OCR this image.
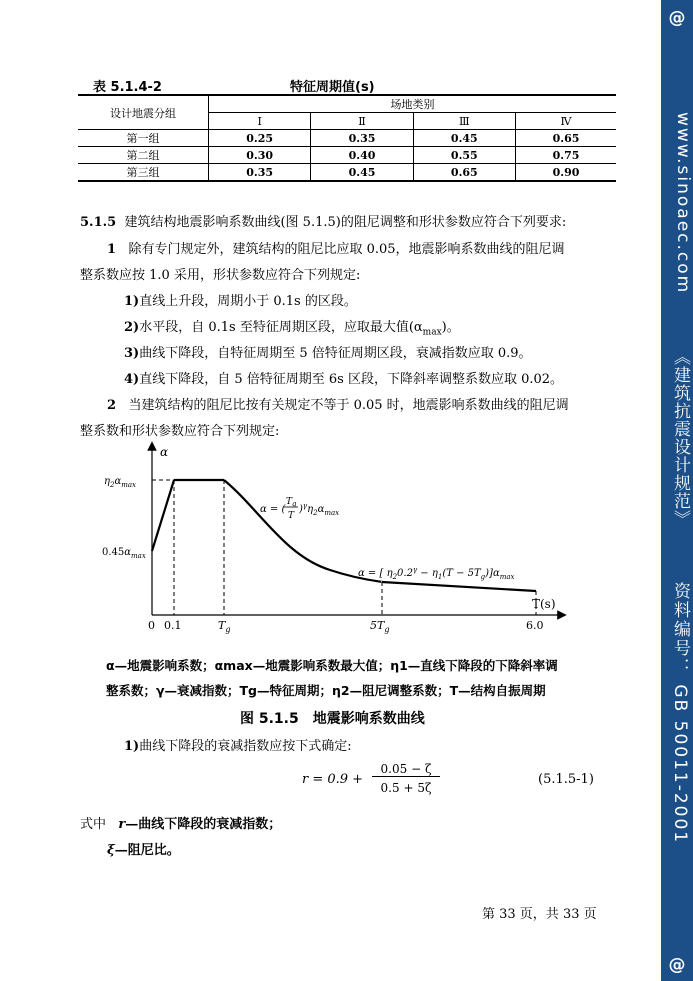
@
www.sinoaec.com
《建筑抗震设计规范》
资料编号： GB 50011-2001
@
表 5.1.4-2	特征周期值(s)
设计地震分组	场地类别			
	Ⅰ	Ⅱ	Ⅲ	Ⅳ
第一组	0.25	0.35	0.45	0.65
第二组	0.30	0.40	0.55	0.75
第三组	0.35	0.45	0.65	0.90
5.1.5 建筑结构地震影响系数曲线(图 5.1.5)的阻尼调整和形状参数应符合下列要求:
1 除有专门规定外，建筑结构的阻尼比应取 0.05，地震影响系数曲线的阻尼调
整系数应按 1.0 采用，形状参数应符合下列规定:
1)直线上升段，周期小于 0.1s 的区段。
2)水平段，自 0.1s 至特征周期区段，应取最大值$(\alpha_{max})$。
3)曲线下降段，自特征周期至 5 倍特征周期区段，衰减指数应取 0.9。
4)直线下降段，自 5 倍特征周期至 6s 区段，下降斜率调整系数应取 0.02。
2 当建筑结构的阻尼比按有关规定不等于 0.05 时，地震影响系数曲线的阻尼调
整系数和形状参数应符合下列规定:
α
T(s)
$\eta_2\alpha_{max}$
$0.45\alpha_{max}$
0 0.1	$T_g$	$5T_g$	6.0
α = (
$T_g$
T
)$^\gamma\eta_2\alpha_{max}$
α = [ $\eta_20.2^\gamma - \eta_1(T - 5T_g)]\alpha_{max}$
α—地震影响系数；αmax—地震影响系数最大值；η1—直线下降段的下降斜率调
整系数；γ—衰减指数；Tg—特征周期；η2—阻尼调整系数；T—结构自振周期
图 5.1.5　地震影响系数曲线
1)曲线下降段的衰减指数应按下式确定:
r = 0.9 +
0.05 − ζ
0.5 + 5ζ
(5.1.5-1)
式中 r—曲线下降段的衰减指数；
ξ—阻尼比。
第 33 页，共 33 页
